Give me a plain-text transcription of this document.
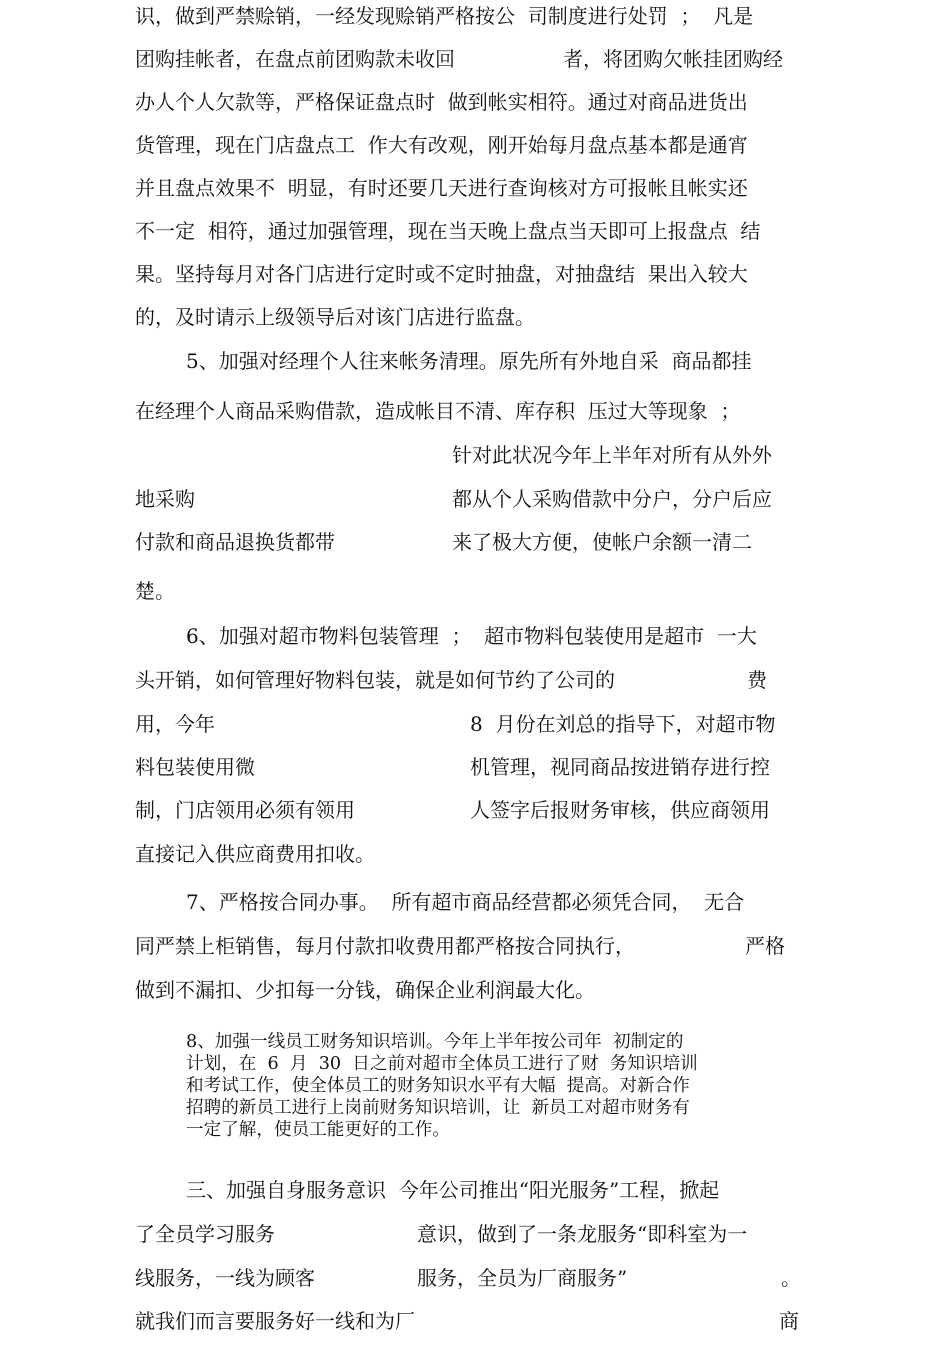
识，做到严禁赊销，一经发现赊销严格按公  司制度进行处罚  ；  凡是
团购挂帐者，在盘点前团购款未收回	者，将团购欠帐挂团购经
办人个人欠款等，严格保证盘点时  做到帐实相符。通过对商品进货出
货管理，现在门店盘点工  作大有改观，刚开始每月盘点基本都是通宵
并且盘点效果不  明显，有时还要几天进行查询核对方可报帐且帐实还
不一定  相符，通过加强管理，现在当天晚上盘点当天即可上报盘点  结
果。坚持每月对各门店进行定时或不定时抽盘，对抽盘结  果出入较大
的，及时请示上级领导后对该门店进行监盘。
5、加强对经理个人往来帐务清理。原先所有外地自采  商品都挂
在经理个人商品采购借款，造成帐目不清、库存积  压过大等现象  ；
针对此状况今年上半年对所有从外外
地采购	都从个人采购借款中分户，分户后应
付款和商品退换货都带	来了极大方便，使帐户余额一清二
楚。
6、加强对超市物料包装管理  ；  超市物料包装使用是超市  一大
头开销，如何管理好物料包装，就是如何节约了公司的	费
用，今年	8  月份在刘总的指导下，对超市物
料包装使用微	机管理，视同商品按进销存进行控
制，门店领用必须有领用	人签字后报财务审核，供应商领用
直接记入供应商费用扣收。
7、严格按合同办事。  所有超市商品经营都必须凭合同，  无合
同严禁上柜销售，每月付款扣收费用都严格按合同执行，	严格
做到不漏扣、少扣每一分钱，确保企业利润最大化。
8、加强一线员工财务知识培训。今年上半年按公司年  初制定的
计划，在  6  月  30  日之前对超市全体员工进行了财  务知识培训
和考试工作，使全体员工的财务知识水平有大幅  提高。对新合作
招聘的新员工进行上岗前财务知识培训，让  新员工对超市财务有
一定了解，使员工能更好的工作。
三、加强自身服务意识  今年公司推出“阳光服务”工程，掀起
了全员学习服务	意识，做到了一条龙服务“即科室为一
线服务，一线为顾客	服务，全员为厂商服务”	。
就我们而言要服务好一线和为厂	商
